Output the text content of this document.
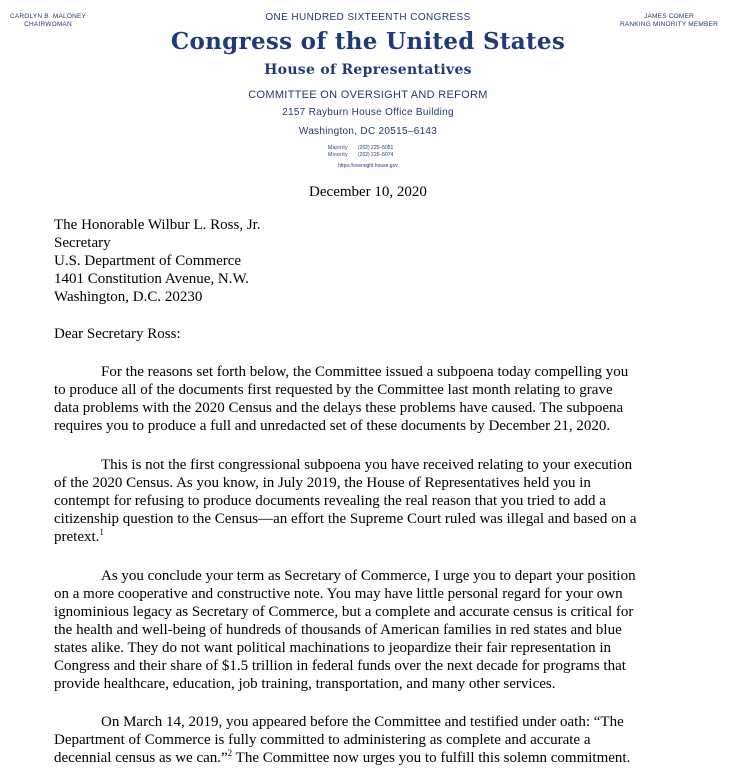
CAROLYN B. MALONEY
CHAIRWOMAN
JAMES COMER
RANKING MINORITY MEMBER
ONE HUNDRED SIXTEENTH CONGRESS
Congress of the United States
House of Representatives
COMMITTEE ON OVERSIGHT AND REFORM
2157 Rayburn House Office Building
Washington, DC 20515–6143
Majority (202) 225–5051
Minority (202) 225–5074
https://oversight.house.gov
December 10, 2020
The Honorable Wilbur L. Ross, Jr.
Secretary
U.S. Department of Commerce
1401 Constitution Avenue, N.W.
Washington, D.C. 20230
Dear Secretary Ross:
For the reasons set forth below, the Committee issued a subpoena today compelling you
to produce all of the documents first requested by the Committee last month relating to grave
data problems with the 2020 Census and the delays these problems have caused. The subpoena
requires you to produce a full and unredacted set of these documents by December 21, 2020.
This is not the first congressional subpoena you have received relating to your execution
of the 2020 Census. As you know, in July 2019, the House of Representatives held you in
contempt for refusing to produce documents revealing the real reason that you tried to add a
citizenship question to the Census—an effort the Supreme Court ruled was illegal and based on a
pretext.$^1$
As you conclude your term as Secretary of Commerce, I urge you to depart your position
on a more cooperative and constructive note. You may have little personal regard for your own
ignominious legacy as Secretary of Commerce, but a complete and accurate census is critical for
the health and well-being of hundreds of thousands of American families in red states and blue
states alike. They do not want political machinations to jeopardize their fair representation in
Congress and their share of $1.5 trillion in federal funds over the next decade for programs that
provide healthcare, education, job training, transportation, and many other services.
On March 14, 2019, you appeared before the Committee and testified under oath: “The
Department of Commerce is fully committed to administering as complete and accurate a
decennial census as we can.”$^2$ The Committee now urges you to fulfill this solemn commitment.
